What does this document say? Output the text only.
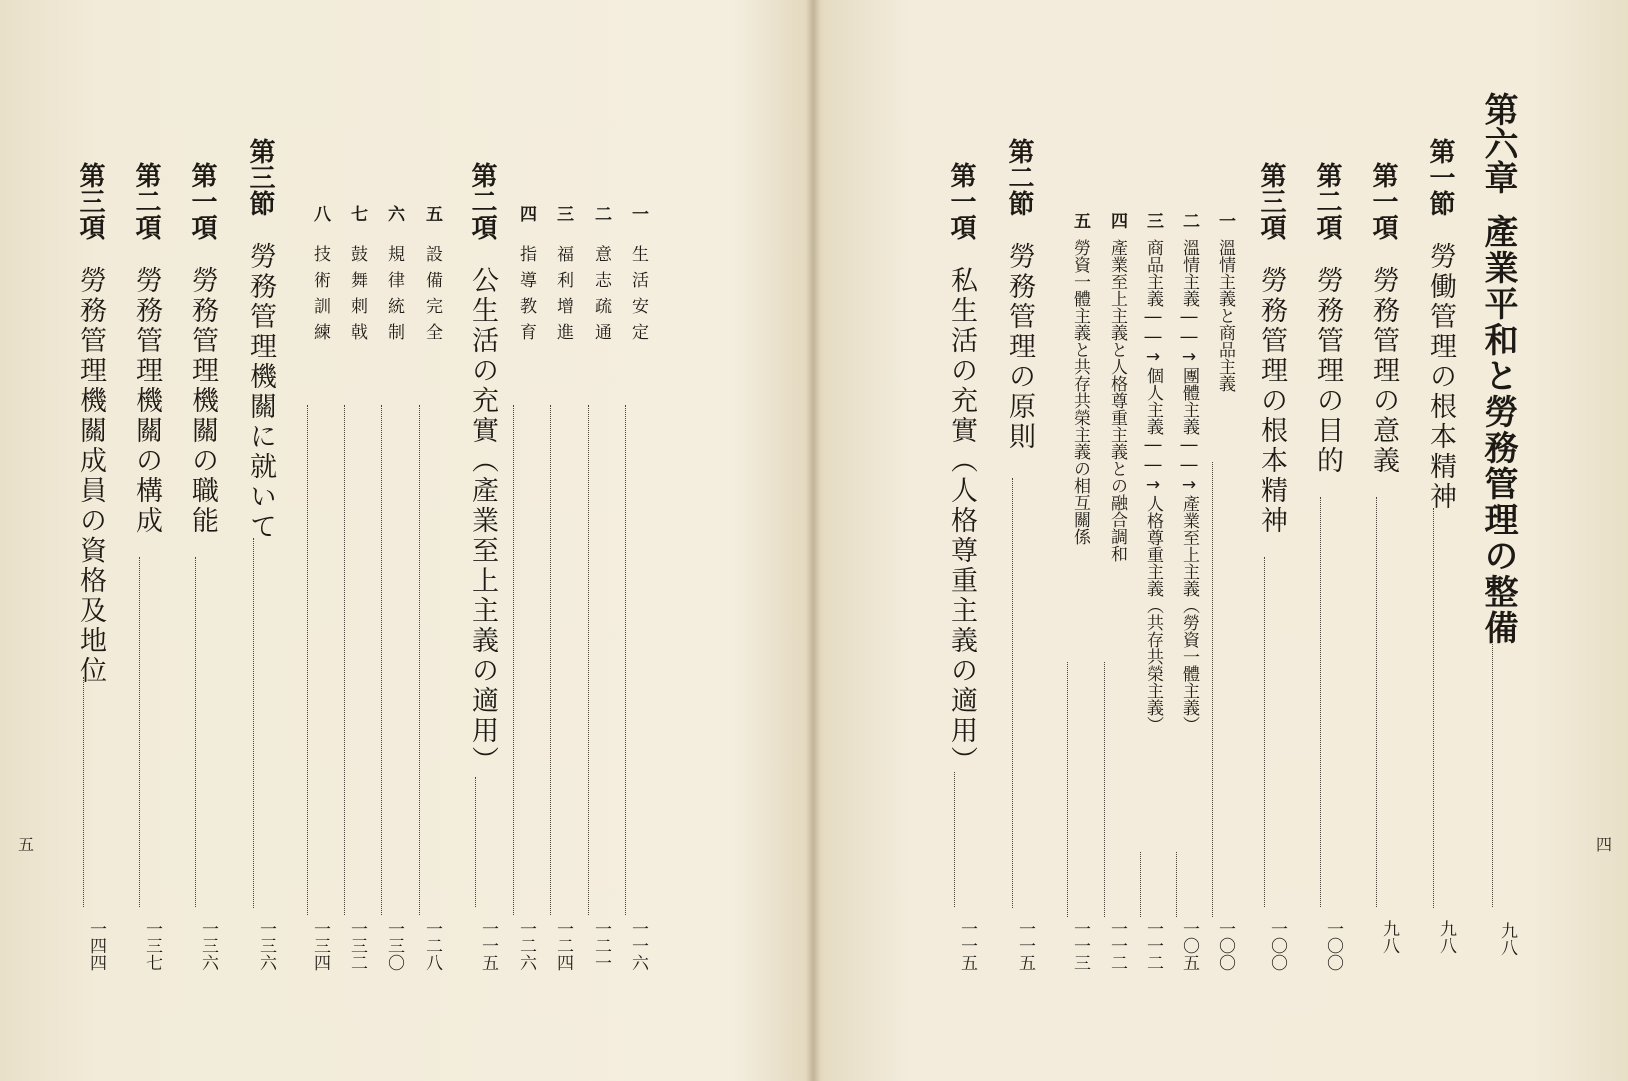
五
一生活安定
一一六
二意志疏通
一二一
三福利增進
一二四
四指導教育
一二六
第二項公生活の充實（產業至上主義の適用）
一一五
五設備完全
一二八
六規律統制
一三〇
七鼓舞刺戟
一三二
八技術訓練
一三四
第三節勞務管理機關に就いて
一三六
第一項勞務管理機關の職能
一三六
第二項勞務管理機關の構成
一三七
第三項勞務管理機關成員の資格及地位
一四四
四
第六章產業平和と勞務管理の整備
九八
第一節勞働管理の根本精神
九八
第一項勞務管理の意義
九八
第二項勞務管理の目的
一〇〇
第三項勞務管理の根本精神
一〇〇
一溫情主義と商品主義
一〇〇
二溫情主義――→團體主義――→產業至上主義（勞資一體主義）
一〇五
三商品主義――→個人主義――→人格尊重主義（共存共榮主義）
一一二
四產業至上主義と人格尊重主義との融合調和
一一二
五勞資一體主義と共存共榮主義の相互關係
一一三
第二節勞務管理の原則
一一五
第一項私生活の充實（人格尊重主義の適用）
一一五
